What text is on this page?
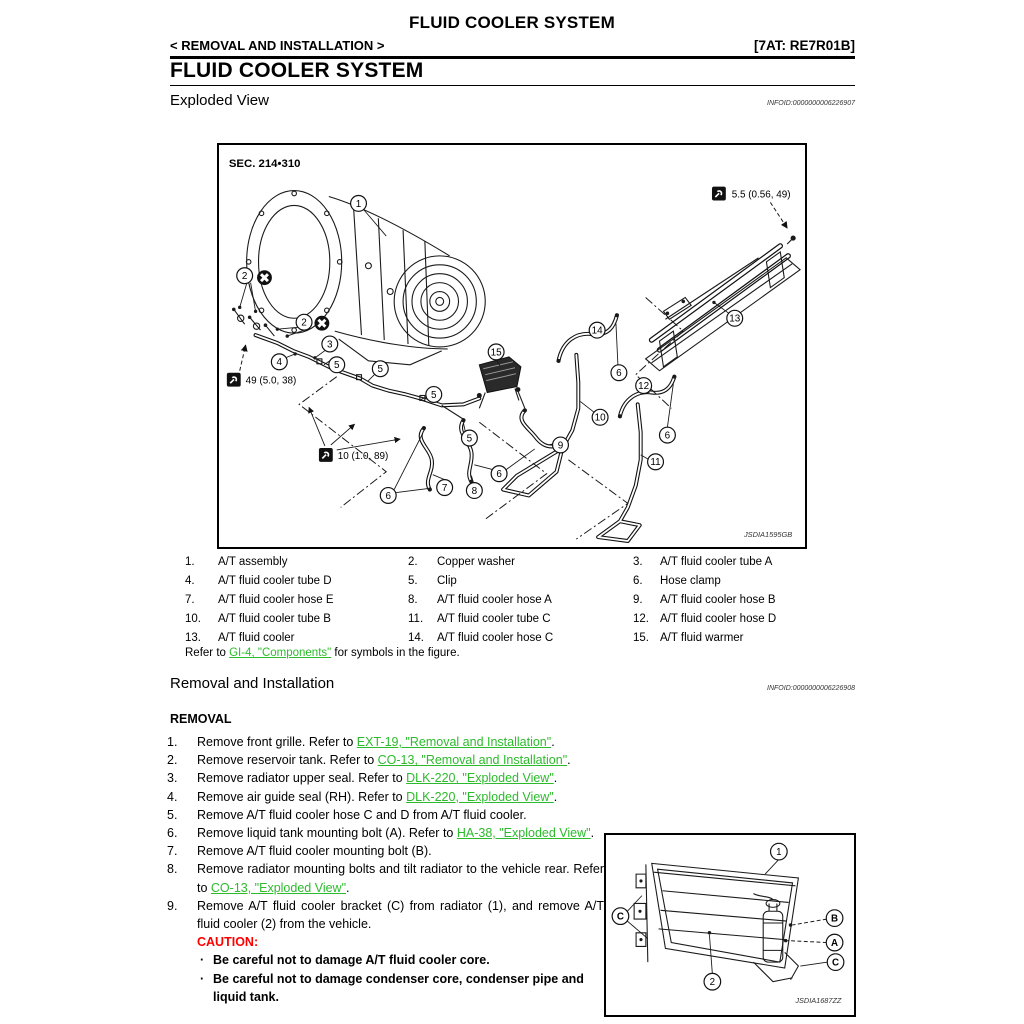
FLUID COOLER SYSTEM
< REMOVAL AND INSTALLATION >	[7AT: RE7R01B]
FLUID COOLER SYSTEM
Exploded View	INFOID:0000000006226907
5.5 (0.56, 49)
49 (5.0, 38)
10 (1.0, 89)
SEC. 214•310
JSDIA1595GB
1
2
2
3
4	5	5
5
5
6
6
6
6
7 8
9
10
11
12
13
14
15
1.	A/T assembly	2.	Copper washer	3.	A/T fluid cooler tube A
4.	A/T fluid cooler tube D	5.	Clip	6.	Hose clamp
7.	A/T fluid cooler hose E	8.	A/T fluid cooler hose A	9.	A/T fluid cooler hose B
10.	A/T fluid cooler tube B	11.	A/T fluid cooler tube C	12. A/T fluid cooler hose D
13.	A/T fluid cooler	14.	A/T fluid cooler hose C	15. A/T fluid warmer
Refer to GI-4, "Components" for symbols in the figure.
Removal and Installation	INFOID:0000000006226908
REMOVAL
1.	Remove front grille. Refer to EXT-19, "Removal and Installation".
2.	Remove reservoir tank. Refer to CO-13, "Removal and Installation".
3.	Remove radiator upper seal. Refer to DLK-220, "Exploded View".
4.	Remove air guide seal (RH). Refer to DLK-220, "Exploded View".
5.	Remove A/T fluid cooler hose C and D from A/T fluid cooler.
6.	Remove liquid tank mounting bolt (A). Refer to HA-38, "Exploded View".
7.	Remove A/T fluid cooler mounting bolt (B).
8.	Remove radiator mounting bolts and tilt radiator to the vehicle rear. Refer to CO-13, "Exploded View".
9.	Remove A/T fluid cooler bracket (C) from radiator (1), and remove A/T fluid cooler (2) from the vehicle.
CAUTION:
· Be careful not to damage A/T fluid cooler core.
· Be careful not to damage condenser core, condenser pipe and liquid tank.	JSDIA1687ZZ
1
2
C	B
A
C
